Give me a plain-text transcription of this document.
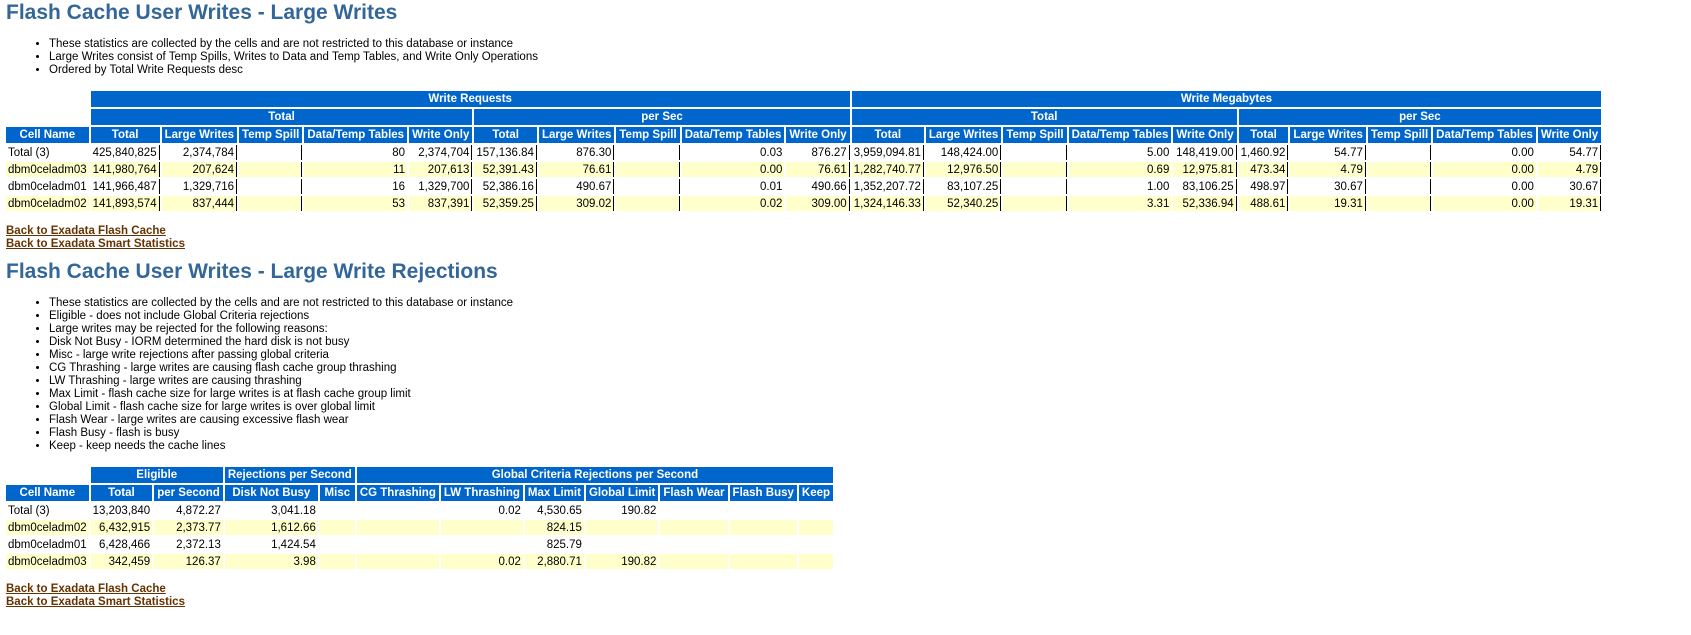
Flash Cache User Writes - Large Writes
• These statistics are collected by the cells and are not restricted to this database or instance
• Large Writes consist of Temp Spills, Writes to Data and Temp Tables, and Write Only Operations
• Ordered by Total Write Requests desc
	Write Requests										Write Megabytes									
	Total					per Sec					Total					per Sec				
Cell Name	Total	Large Writes	Temp Spill	Data/Temp Tables	Write Only	Total	Large Writes	Temp Spill	Data/Temp Tables	Write Only	Total	Large Writes	Temp Spill	Data/Temp Tables	Write Only	Total	Large Writes	Temp Spill	Data/Temp Tables	Write Only
Total (3)	425,840,825	2,374,784		80	2,374,704	157,136.84	876.30		0.03	876.27	3,959,094.81	148,424.00		5.00	148,419.00	1,460.92	54.77		0.00	54.77
dbm0celadm03	141,980,764	207,624		11	207,613	52,391.43	76.61		0.00	76.61	1,282,740.77	12,976.50		0.69	12,975.81	473.34	4.79		0.00	4.79
dbm0celadm01	141,966,487	1,329,716		16	1,329,700	52,386.16	490.67		0.01	490.66	1,352,207.72	83,107.25		1.00	83,106.25	498.97	30.67		0.00	30.67
dbm0celadm02	141,893,574	837,444		53	837,391	52,359.25	309.02		0.02	309.00	1,324,146.33	52,340.25		3.31	52,336.94	488.61	19.31		0.00	19.31
Back to Exadata Flash Cache
Back to Exadata Smart Statistics
Flash Cache User Writes - Large Write Rejections
• These statistics are collected by the cells and are not restricted to this database or instance
• Eligible - does not include Global Criteria rejections
• Large writes may be rejected for the following reasons:
• Disk Not Busy - IORM determined the hard disk is not busy
• Misc - large write rejections after passing global criteria
• CG Thrashing - large writes are causing flash cache group thrashing
• LW Thrashing - large writes are causing thrashing
• Max Limit - flash cache size for large writes is at flash cache group limit
• Global Limit - flash cache size for large writes is over global limit
• Flash Wear - large writes are causing excessive flash wear
• Flash Busy - flash is busy
• Keep - keep needs the cache lines
	Eligible		Rejections per Second		Global Criteria Rejections per Second						
Cell Name	Total	per Second	Disk Not Busy	Misc	CG Thrashing	LW Thrashing	Max Limit	Global Limit	Flash Wear	Flash Busy	Keep
Total (3)	13,203,840	4,872.27	3,041.18			0.02	4,530.65	190.82			
dbm0celadm02	6,432,915	2,373.77	1,612.66				824.15				
dbm0celadm01	6,428,466	2,372.13	1,424.54				825.79				
dbm0celadm03	342,459	126.37	3.98			0.02	2,880.71	190.82			
Back to Exadata Flash Cache
Back to Exadata Smart Statistics
